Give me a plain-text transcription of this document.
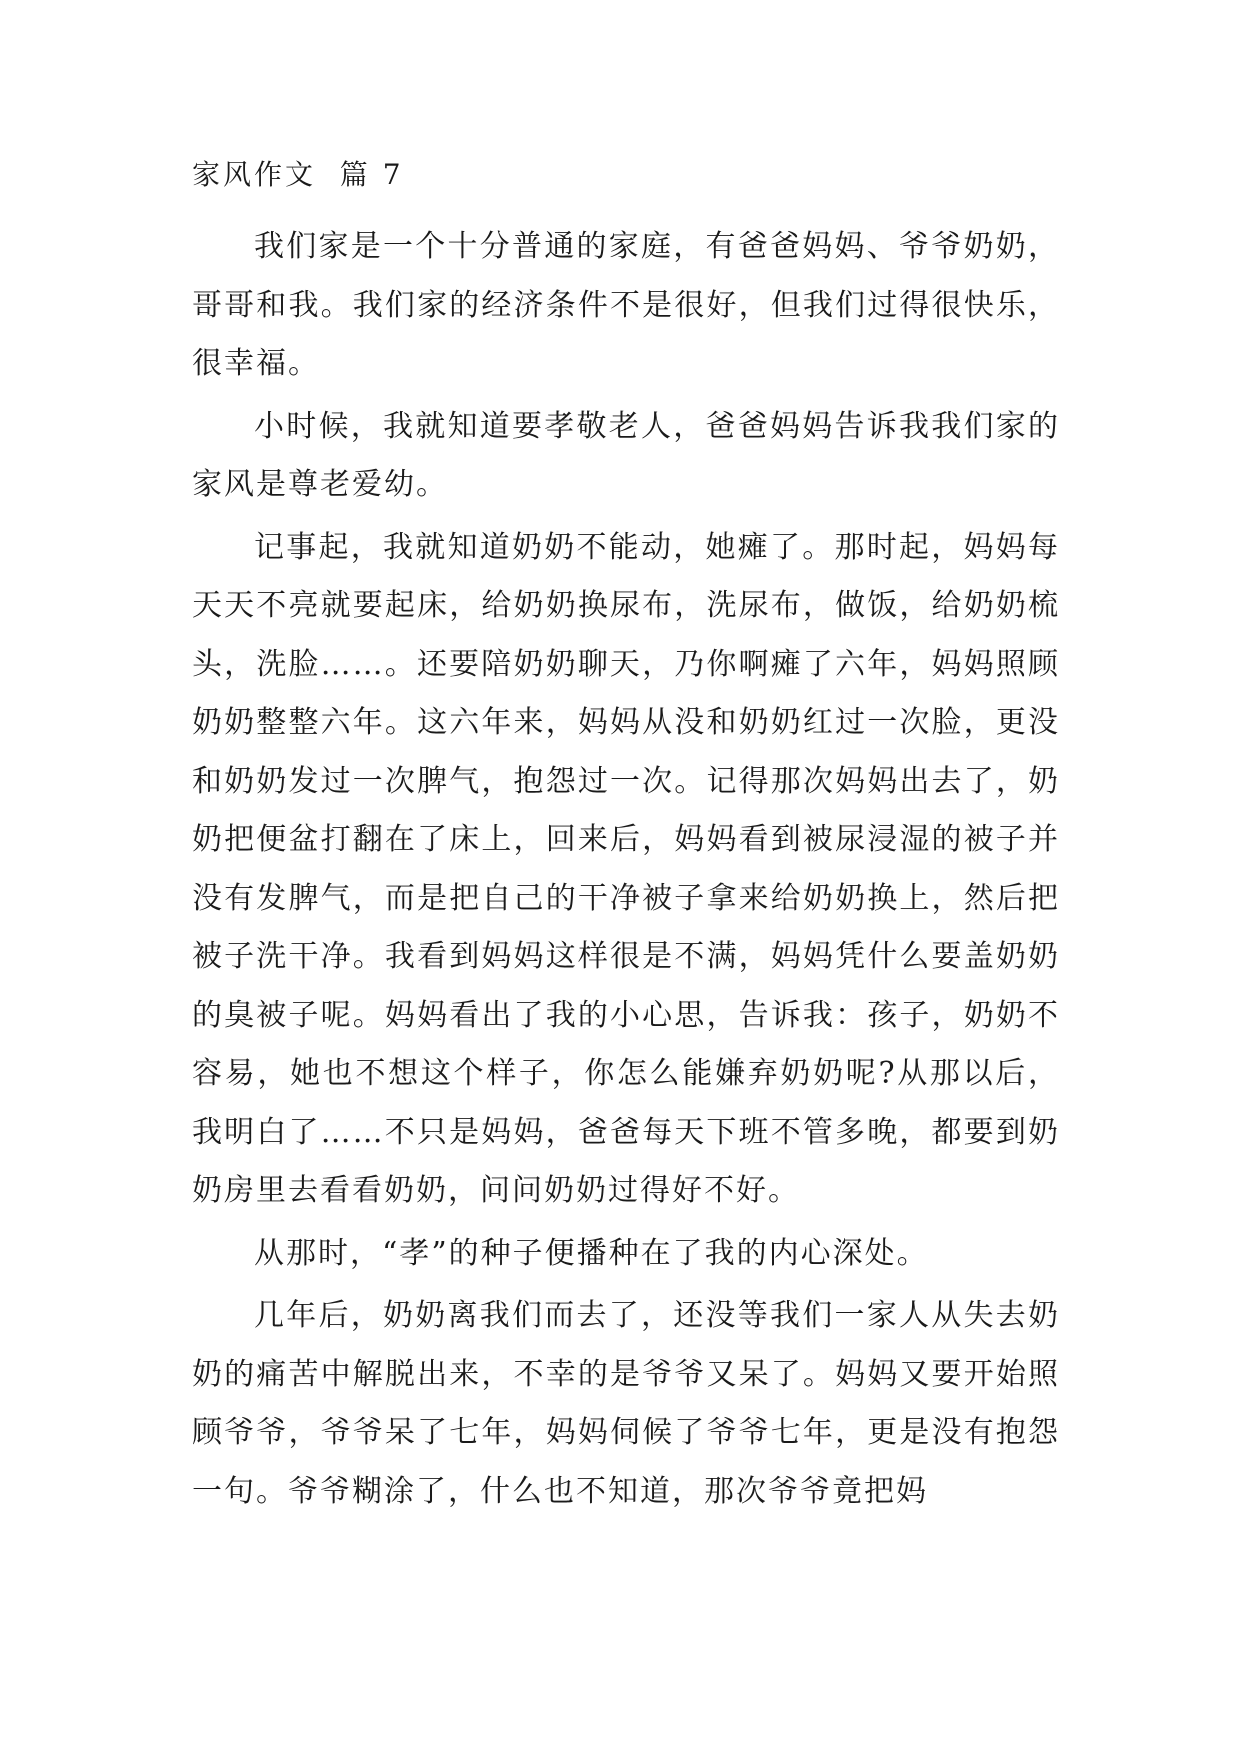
家风作文  篇 7

我们家是一个十分普通的家庭，有爸爸妈妈、爷爷奶奶，哥哥和我。我们家的经济条件不是很好，但我们过得很快乐，很幸福。

小时候，我就知道要孝敬老人，爸爸妈妈告诉我我们家的家风是尊老爱幼。

记事起，我就知道奶奶不能动，她瘫了。那时起，妈妈每天天不亮就要起床，给奶奶换尿布，洗尿布，做饭，给奶奶梳头，洗脸……。还要陪奶奶聊天，乃你啊瘫了六年，妈妈照顾奶奶整整六年。这六年来，妈妈从没和奶奶红过一次脸，更没和奶奶发过一次脾气，抱怨过一次。记得那次妈妈出去了，奶奶把便盆打翻在了床上，回来后，妈妈看到被尿浸湿的被子并没有发脾气，而是把自己的干净被子拿来给奶奶换上，然后把被子洗干净。我看到妈妈这样很是不满，妈妈凭什么要盖奶奶的臭被子呢。妈妈看出了我的小心思，告诉我：孩子，奶奶不容易，她也不想这个样子，你怎么能嫌弃奶奶呢?从那以后，我明白了……不只是妈妈，爸爸每天下班不管多晚，都要到奶奶房里去看看奶奶，问问奶奶过得好不好。

从那时，“孝”的种子便播种在了我的内心深处。

几年后，奶奶离我们而去了，还没等我们一家人从失去奶奶的痛苦中解脱出来，不幸的是爷爷又呆了。妈妈又要开始照顾爷爷，爷爷呆了七年，妈妈伺候了爷爷七年，更是没有抱怨一句。爷爷糊涂了，什么也不知道，那次爷爷竟把妈
